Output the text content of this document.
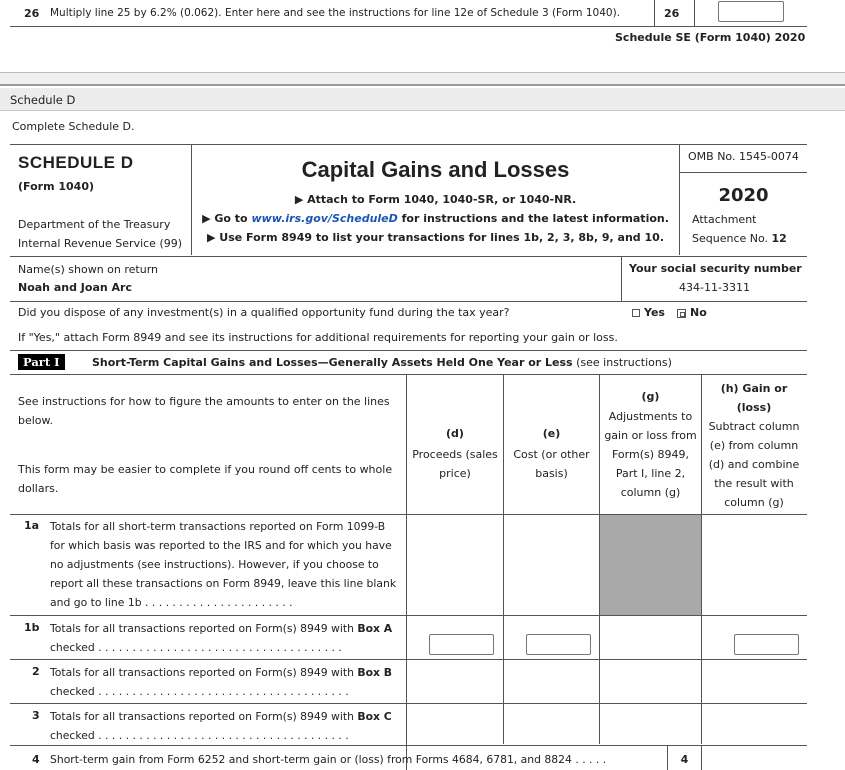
26 Multiply line 25 by 6.2% (0.062). Enter here and see the instructions for line 12e of Schedule 3 (Form 1040).	26
Schedule SE (Form 1040) 2020
Schedule D
Complete Schedule D.
SCHEDULE D
(Form 1040)
Department of the Treasury
Internal Revenue Service (99)
Capital Gains and Losses
▶ Attach to Form 1040, 1040-SR, or 1040-NR.
▶ Go to www.irs.gov/ScheduleD for instructions and the latest information.
▶ Use Form 8949 to list your transactions for lines 1b, 2, 3, 8b, 9, and 10.
OMB No. 1545-0074
2020
Attachment
Sequence No. 12
Name(s) shown on return
Noah and Joan Arc
Your social security number
434-11-3311
Did you dispose of any investment(s) in a qualified opportunity fund during the tax year?	Yes	No
If "Yes," attach Form 8949 and see its instructions for additional requirements for reporting your gain or loss.
Part I	Short-Term Capital Gains and Losses—Generally Assets Held One Year or Less (see instructions)
See instructions for how to figure the amounts to enter on the lines below.
This form may be easier to complete if you round off cents to whole dollars.
(d)
Proceeds (sales price)
(e)
Cost (or other basis)
(g)
Adjustments to gain or loss from Form(s) 8949, Part I, line 2, column (g)
(h) Gain or (loss)
Subtract column (e) from column (d) and combine the result with column (g)
1a Totals for all short-term transactions reported on Form 1099-B for which basis was reported to the IRS and for which you have no adjustments (see instructions). However, if you choose to report all these transactions on Form 8949, leave this line blank and go to line 1b . . . . . . . . . . . . . . . . . . . . . .
1b Totals for all transactions reported on Form(s) 8949 with Box A checked . . . . . . . . . . . . . . . . . . . . . . . . . . . . . . . . . . . .
2 Totals for all transactions reported on Form(s) 8949 with Box B checked . . . . . . . . . . . . . . . . . . . . . . . . . . . . . . . . . . . . .
3 Totals for all transactions reported on Form(s) 8949 with Box C checked . . . . . . . . . . . . . . . . . . . . . . . . . . . . . . . . . . . . .
4 Short-term gain from Form 6252 and short-term gain or (loss) from Forms 4684, 6781, and 8824 . . . . .	4
